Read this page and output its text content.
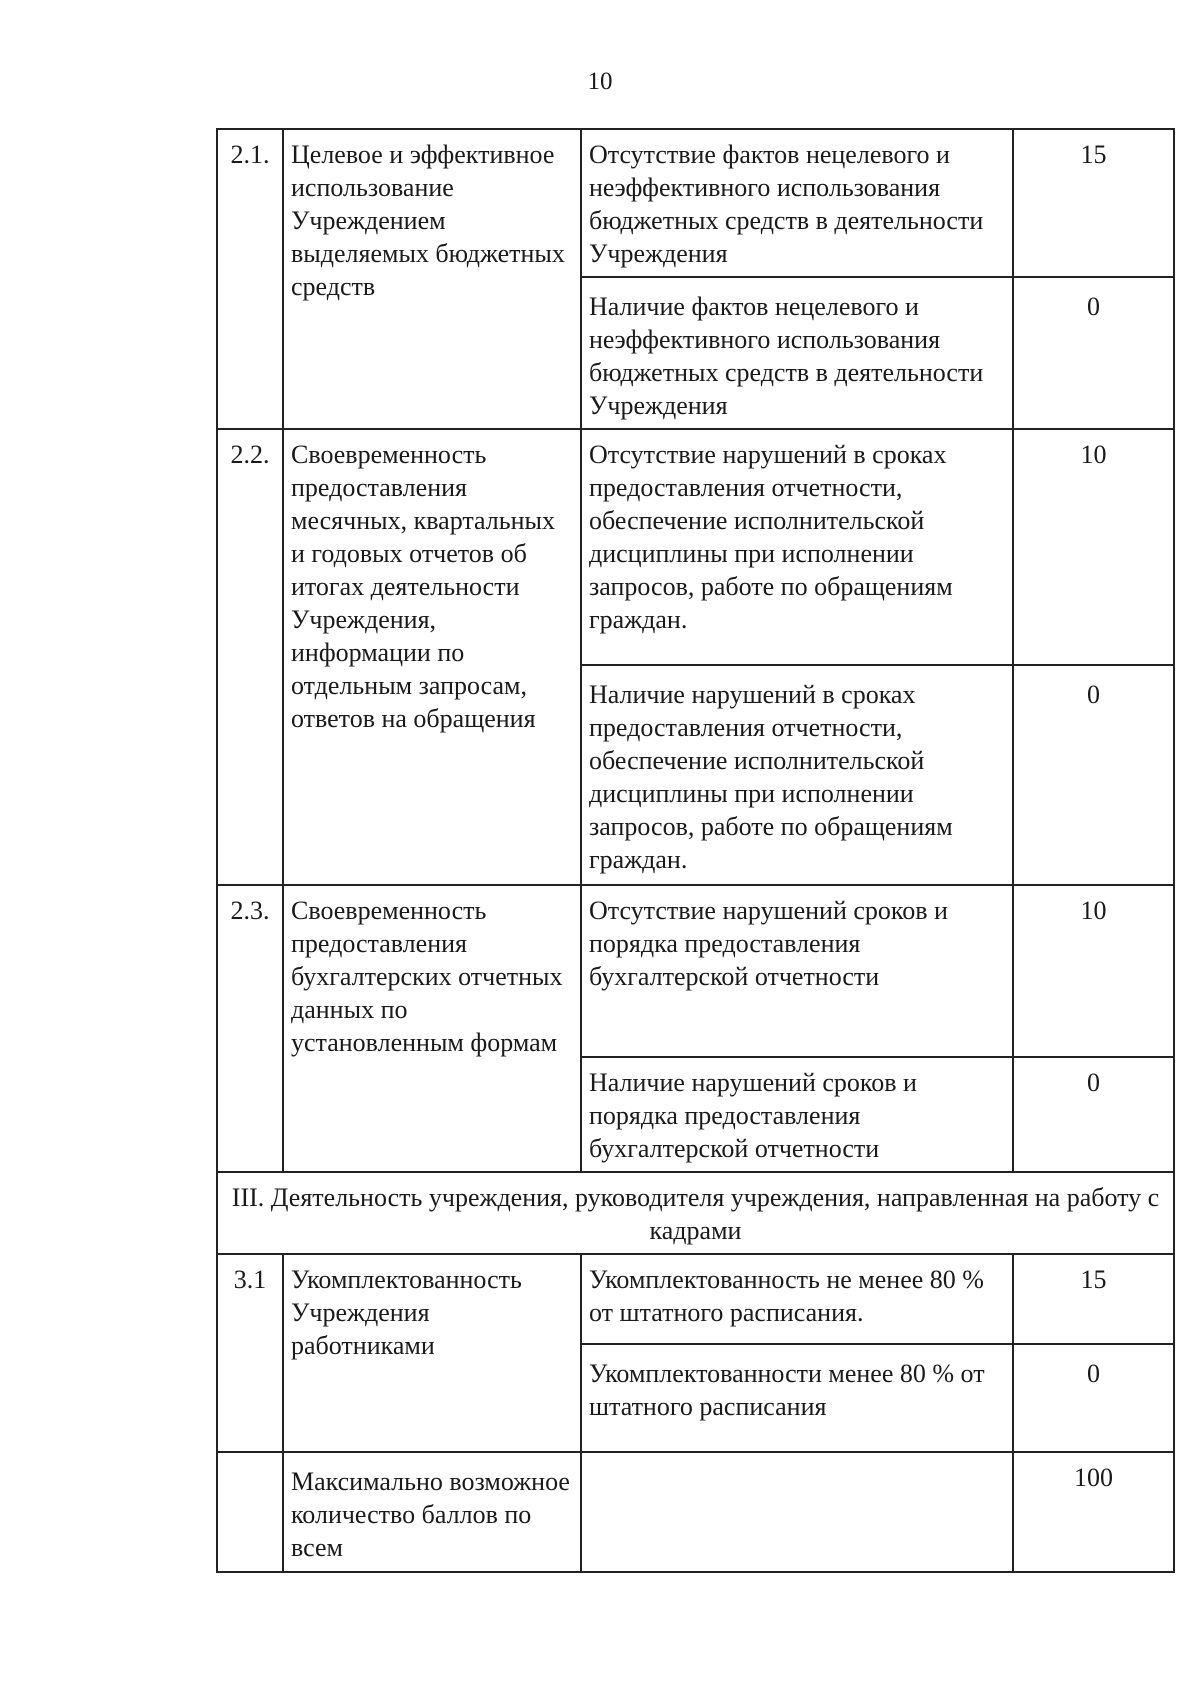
10
2.1.	Целевое и эффективное использование Учреждением выделяемых бюджетных средств	Отсутствие фактов нецелевого и неэффективного использования бюджетных средств в деятельности Учреждения	15
		Наличие фактов нецелевого и неэффективного использования бюджетных средств в деятельности Учреждения	0
2.2.	Своевременность предоставления месячных, квартальных и годовых отчетов об итогах деятельности Учреждения, информации по отдельным запросам, ответов на обращения	Отсутствие нарушений в сроках предоставления отчетности, обеспечение исполнительской дисциплины при исполнении запросов, работе по обращениям граждан.	10
		Наличие нарушений в сроках предоставления отчетности, обеспечение исполнительской дисциплины при исполнении запросов, работе по обращениям граждан.	0
2.3.	Своевременность предоставления бухгалтерских отчетных данных по установленным формам	Отсутствие нарушений сроков и порядка предоставления бухгалтерской отчетности	10
		Наличие нарушений сроков и порядка предоставления бухгалтерской отчетности	0
III. Деятельность учреждения, руководителя учреждения, направленная на работу с кадрами			
3.1	Укомплектованность Учреждения работниками	Укомплектованность не менее 80 % от штатного расписания.	15
		Укомплектованности менее 80 % от штатного расписания	0
	Максимально возможное количество баллов по всем		100
